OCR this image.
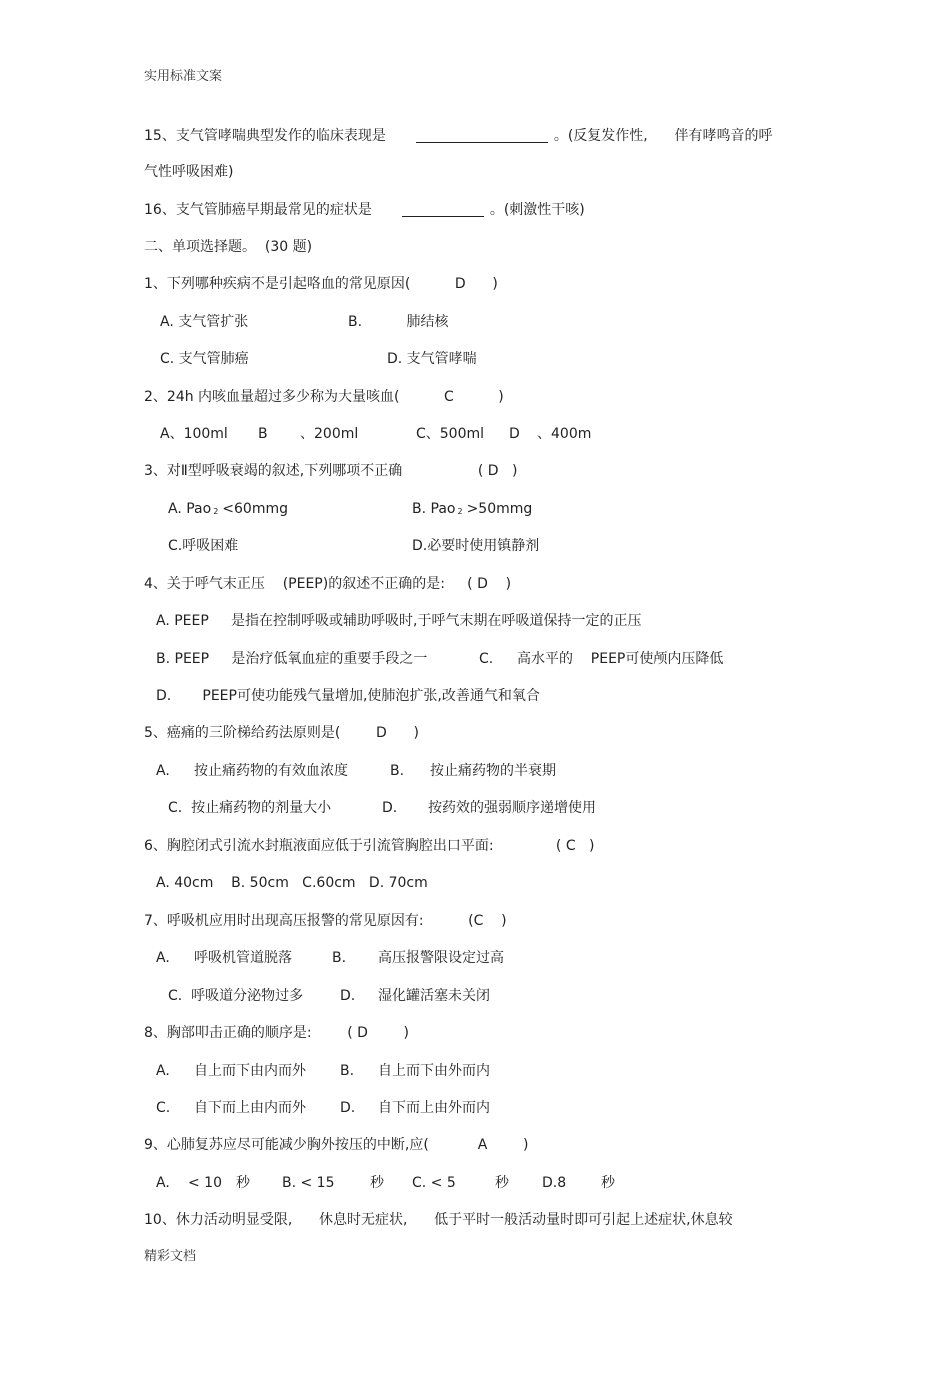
实用标准文案
15、支气管哮喘典型发作的临床表现是	。(反复发作性,      伴有哮鸣音的呼
气性呼吸困难)
16、支气管肺癌早期最常见的症状是	。(刺激性干咳)
二、单项选择题。  (30 题)
1、下列哪种疾病不是引起咯血的常见原因(          D      )

A. 支气管扩张

	B.          肺结核

C. 支气管肺癌

	D. 支气管哮喘

2、24h 内咳血量超过多少称为大量咳血(          C          )

A、100ml

B

、200ml

	C、500ml

D

、400m

3、对Ⅱ型呼吸衰竭的叙述,下列哪项不正确                 ( D   )

A. Pao $_2$ <60mmg

	B. Pao $_2$ >50mmg

C.呼吸困难

	D.必要时使用镇静剂

4、关于呼气末正压    (PEEP)的叙述不正确的是:     ( D    )

A. PEEP     是指在控制呼吸或辅助呼吸时,于呼气末期在呼吸道保持一定的正压

B. PEEP     是治疗低氧血症的重要手段之一

	C.

高水平的    PEEP可使颅内压降低

D.       PEEP可使功能残气量增加,使肺泡扩张,改善通气和氧合

5、癌痛的三阶梯给药法原则是(        D      )

A.

按止痛药物的有效血浓度

	B.

按止痛药物的半衰期

C.  按止痛药物的剂量大小

	D.

按药效的强弱顺序递增使用

6、胸腔闭式引流水封瓶液面应低于引流管胸腔出口平面:              ( C   )

A. 40cm    B. 50cm   C.60cm   D. 70cm

7、呼吸机应用时出现高压报警的常见原因有:          (C    )

A.

呼吸机管道脱落

	B.

高压报警限设定过高

C.  呼吸道分泌物过多

	D.

湿化罐活塞未关闭

8、胸部叩击正确的顺序是:        ( D        )

A.

自上而下由内而外

B.

自上而下由外而内

C.

自下而上由内而外

D.

自下而上由外而内

9、心肺复苏应尽可能减少胸外按压的中断,应(           A        )

A.

< 10

秒

B. < 15

	秒

C. < 5

	秒

D.8

秒

10、休力活动明显受限,      休息时无症状,      低于平时一般活动量时即可引起上述症状,休息较
精彩文档
